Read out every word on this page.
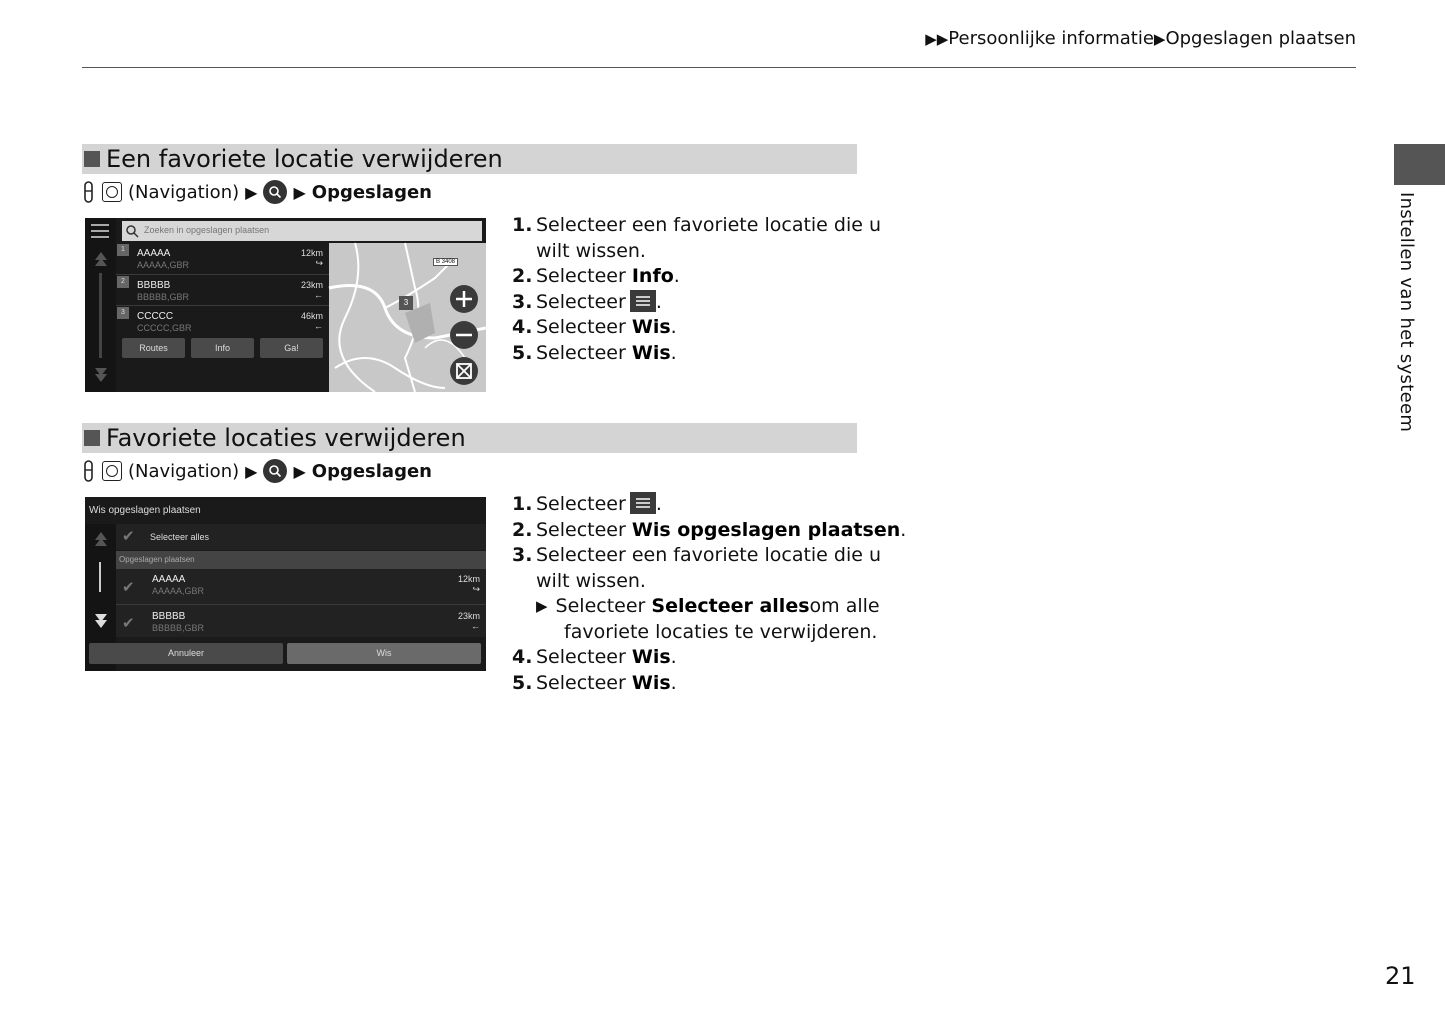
▶▶Persoonlijke informatie▶Opgeslagen plaatsen
Instellen van het systeem
Een favoriete locatie verwijderen
(Navigation) ▶ ▶ Opgeslagen
Zoeken in opgeslagen plaatsen
1	AAAAA
AAAAA,GBR
12km
↪
2	BBBBB
BBBBB,GBR
23km
←
3	CCCCC
CCCCC,GBR
46km
←
Routes	Info	Ga!
B 3408
3
1. Selecteer een favoriete locatie die u
wilt wissen.
2. Selecteer
Info .
3. Selecteer .
4. Selecteer
Wis .
5. Selecteer
Wis .
Favoriete locaties verwijderen
(Navigation) ▶ ▶ Opgeslagen
Wis opgeslagen plaatsen
✔ Selecteer alles
Opgeslagen plaatsen
✔ AAAAA
AAAAA,GBR
12km
↪
✔ BBBBB
BBBBB,GBR
23km
←
Annuleer	Wis
1. Selecteer .
2. Selecteer
Wis opgeslagen plaatsen .
3. Selecteer een favoriete locatie die u
wilt wissen.
▶ Selecteer
Selecteer alles om alle
favoriete locaties te verwijderen.
4. Selecteer
Wis .
5. Selecteer
Wis .
21
